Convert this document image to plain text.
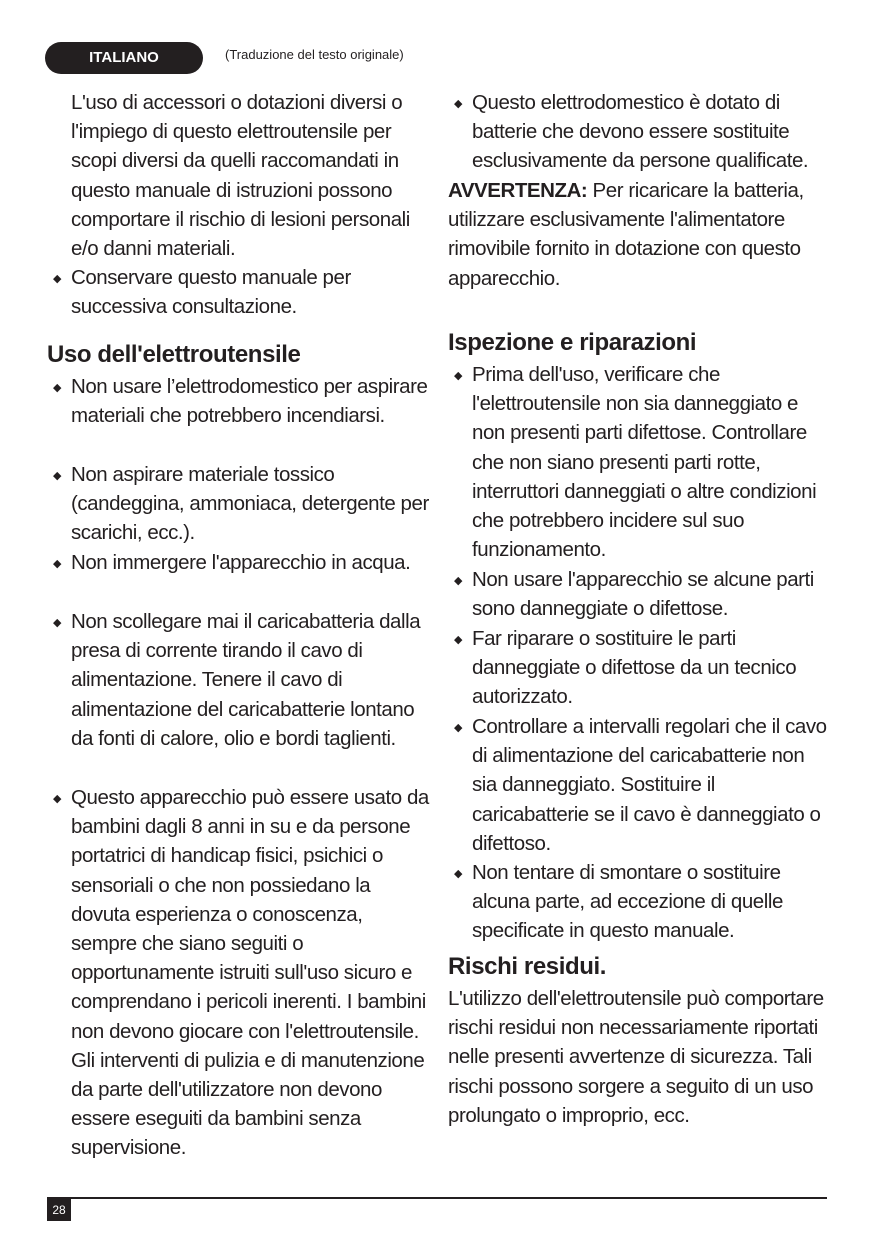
ITALIANO	(Traduzione del testo originale)

L'uso di accessori o dotazioni diversi o l'impiego di questo elettroutensile per scopi diversi da quelli raccomandati in questo manuale di istruzioni possono comportare il rischio di lesioni personali e/o danni materiali.

◆ Conservare questo manuale per successiva consultazione.

Uso dell'elettroutensile
◆ Non usare l’elettrodomestico per aspirare materiali che potrebbero incendiarsi.

◆ Non aspirare materiale tossico (candeggina, ammoniaca, detergente per scarichi, ecc.).

◆ Non immergere l'apparecchio in acqua.

◆ Non scollegare mai il caricabatteria dalla presa di corrente tirando il cavo di alimentazione. Tenere il cavo di alimentazione del caricabatterie lontano da fonti di calore, olio e bordi taglienti.

◆ Questo apparecchio può essere usato da bambini dagli 8 anni in su e da persone portatrici di handicap fisici, psichici o sensoriali o che non possiedano la dovuta esperienza o conoscenza, sempre che siano seguiti o opportunamente istruiti sull'uso sicuro e comprendano i pericoli inerenti. I bambini non devono giocare con l'elettroutensile. Gli interventi di pulizia e di manutenzione da parte dell'utilizzatore non devono essere eseguiti da bambini senza supervisione.

◆ Questo elettrodomestico è dotato di batterie che devono essere sostituite esclusivamente da persone qualificate.

AVVERTENZA: Per ricaricare la batteria, utilizzare esclusivamente l'alimentatore rimovibile fornito in dotazione con questo apparecchio.

Ispezione e riparazioni
◆ Prima dell'uso, verificare che l'elettroutensile non sia danneggiato e non presenti parti difettose. Controllare che non siano presenti parti rotte, interruttori danneggiati o altre condizioni che potrebbero incidere sul suo funzionamento.

◆ Non usare l'apparecchio se alcune parti sono danneggiate o difettose.

◆ Far riparare o sostituire le parti danneggiate o difettose da un tecnico autorizzato.

◆ Controllare a intervalli regolari che il cavo di alimentazione del caricabatterie non sia danneggiato. Sostituire il caricabatterie se il cavo è danneggiato o difettoso.

◆ Non tentare di smontare o sostituire alcuna parte, ad eccezione di quelle specificate in questo manuale.

Rischi residui.

L'utilizzo dell'elettroutensile può comportare rischi residui non necessariamente riportati nelle presenti avvertenze di sicurezza. Tali rischi possono sorgere a seguito di un uso prolungato o improprio, ecc.

28
